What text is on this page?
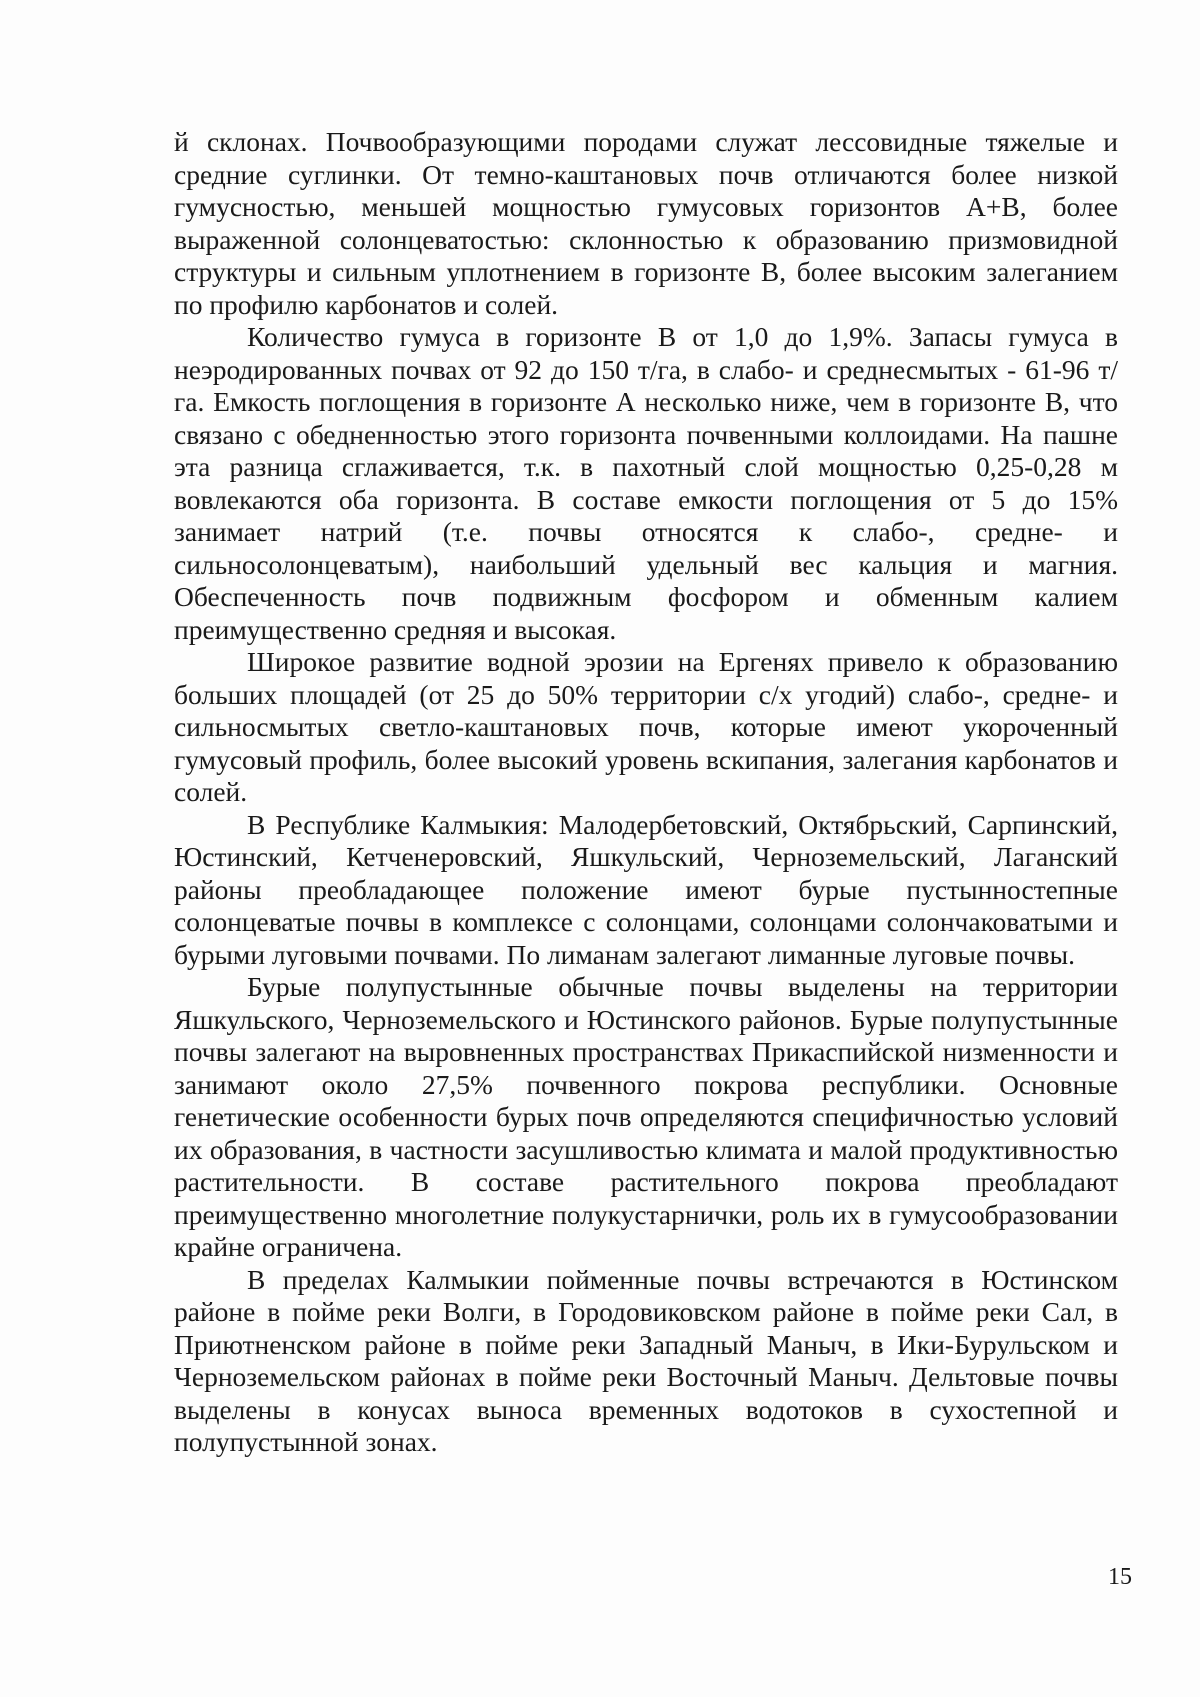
й склонах. Почвообразующими породами служат лессовидные тяжелые и средние суглинки. От темно-каштановых почв отличаются более низкой гумусностью, меньшей мощностью гумусовых горизонтов А+В, более выраженной солонцеватостью: склонностью к образованию призмовидной структуры и сильным уплотнением в горизонте В, более высоким залеганием по профилю карбонатов и солей.

Количество гумуса в горизонте В от 1,0 до 1,9%. Запасы гумуса в неэродированных почвах от 92 до 150 т/га, в слабо- и среднесмытых - 61-96 т/га. Емкость поглощения в горизонте А несколько ниже, чем в горизонте В, что связано с обедненностью этого горизонта почвенными коллоидами. На пашне эта разница сглаживается, т.к. в пахотный слой мощностью 0,25-0,28 м вовлекаются оба горизонта. В составе емкости поглощения от 5 до 15% занимает натрий (т.е. почвы относятся к слабо-, средне- и сильносолонцеватым), наибольший удельный вес кальция и магния. Обеспеченность почв подвижным фосфором и обменным калием преимущественно средняя и высокая.

Широкое развитие водной эрозии на Ергенях привело к образованию больших площадей (от 25 до 50% территории с/х угодий) слабо-, средне- и сильносмытых светло-каштановых почв, которые имеют укороченный гумусовый профиль, более высокий уровень вскипания, залегания карбонатов и солей.

В Республике Калмыкия: Малодербетовский, Октябрьский, Сарпинский, Юстинский, Кетченеровский, Яшкульский, Черноземельский, Лаганский районы преобладающее положение имеют бурые пустынностепные солонцеватые почвы в комплексе с солонцами, солонцами солончаковатыми и бурыми луговыми почвами. По лиманам залегают лиманные луговые почвы.

Бурые полупустынные обычные почвы выделены на территории Яшкульского, Черноземельского и Юстинского районов. Бурые полупустынные почвы залегают на выровненных пространствах Прикаспийской низменности и занимают около 27,5% почвенного покрова республики. Основные генетические особенности бурых почв определяются специфичностью условий их образования, в частности засушливостью климата и малой продуктивностью растительности. В составе растительного покрова преобладают преимущественно многолетние полукустарнички, роль их в гумусообразовании крайне ограничена.

В пределах Калмыкии пойменные почвы встречаются в Юстинском районе в пойме реки Волги, в Городовиковском районе в пойме реки Сал, в Приютненском районе в пойме реки Западный Маныч, в Ики-Бурульском и Черноземельском районах в пойме реки Восточный Маныч. Дельтовые почвы выделены в конусах выноса временных водотоков в сухостепной и полупустынной зонах.

15
